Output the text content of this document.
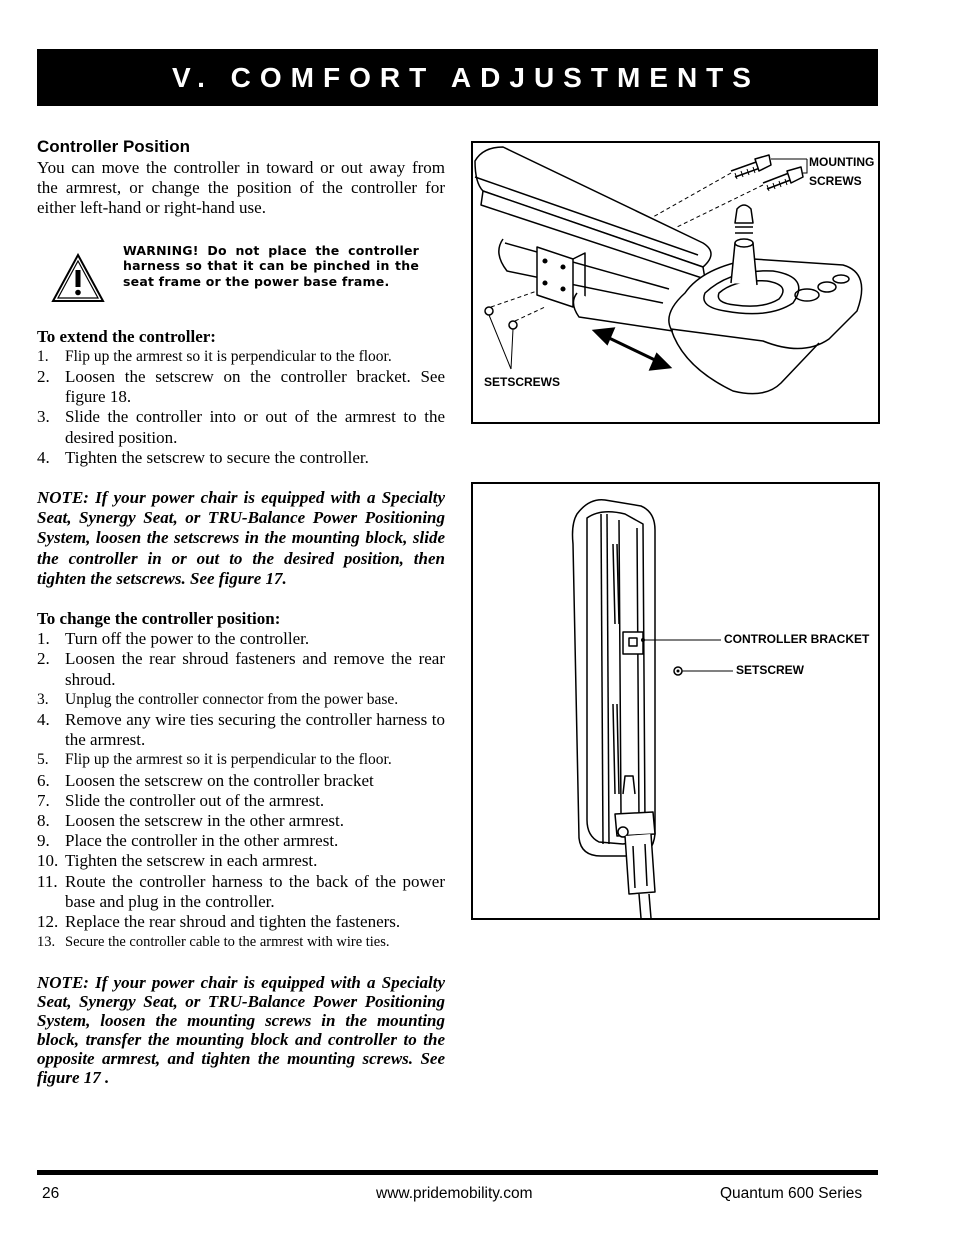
V. COMFORT ADJUSTMENTS
Controller Position

You can move the controller in toward or out away from the armrest, or change the position of the controller for either left-hand or right-hand use.

WARNING! Do not place the controller harness so that it can be pinched in the seat frame or the power base frame.

To extend the controller:

1.	Flip up the armrest so it is perpendicular to the floor.
2. Loosen the setscrew on the controller bracket. See figure 18.
3. Slide the controller into or out of the armrest to the desired position.
4. Tighten the setscrew to secure the controller.

NOTE: If your power chair is equipped with a Specialty Seat, Synergy Seat, or TRU-Balance Power Positioning System, loosen the setscrews in the mounting block, slide the controller in or out to the desired position, then tighten the setscrews. See figure 17.

To change the controller position:

1. Turn off the power to the controller.
2. Loosen the rear shroud fasteners and remove the rear shroud.
3.	Unplug the controller connector from the power base.
4. Remove any wire ties securing the controller harness to the armrest.
5.	Flip up the armrest so it is perpendicular to the floor.
6. Loosen the setscrew on the controller bracket
7. Slide the controller out of the armrest.
8. Loosen the setscrew in the other armrest.
9. Place the controller in the other armrest.
10. Tighten the setscrew in each armrest.
11. Route the controller harness to the back of the power base and plug in the controller.
12. Replace the rear shroud and tighten the fasteners.
13. Secure the controller cable to the armrest with wire ties.

NOTE: If your power chair is equipped with a Specialty Seat, Synergy Seat, or TRU-Balance Power Positioning System, loosen the mounting screws in the mounting block, transfer the mounting block and controller to the opposite armrest, and tighten the mounting screws. See figure 17 .

MOUNTING
SCREWS
SETSCREWS
CONTROLLER BRACKET
SETSCREW
26	www.pridemobility.com	Quantum 600 Series
